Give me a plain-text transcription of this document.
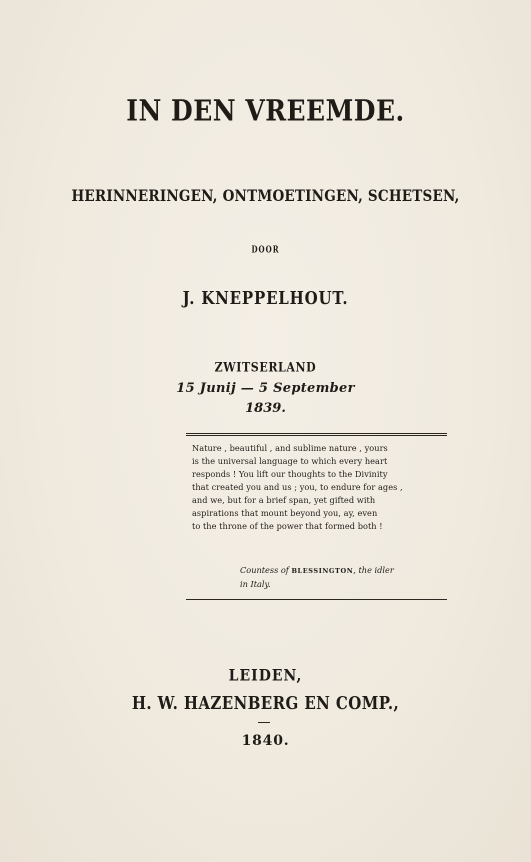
IN DEN VREEMDE.
HERINNERINGEN, ONTMOETINGEN, SCHETSEN,
DOOR
J. KNEPPELHOUT.
ZWITSERLAND
15 Junij — 5 September
1839.
Nature , beautiful , and sublime nature , yours
is the universal language to which every heart
responds ! You lift our thoughts to the Divinity
that created you and us ; you, to endure for ages ,
and we, but for a brief span, yet gifted with
aspirations that mount beyond you, ay, even
to the throne of the power that formed both !
Countess of BLESSINGTON, the idler
in Italy.
LEIDEN,
H. W. HAZENBERG EN COMP.,
1840.
